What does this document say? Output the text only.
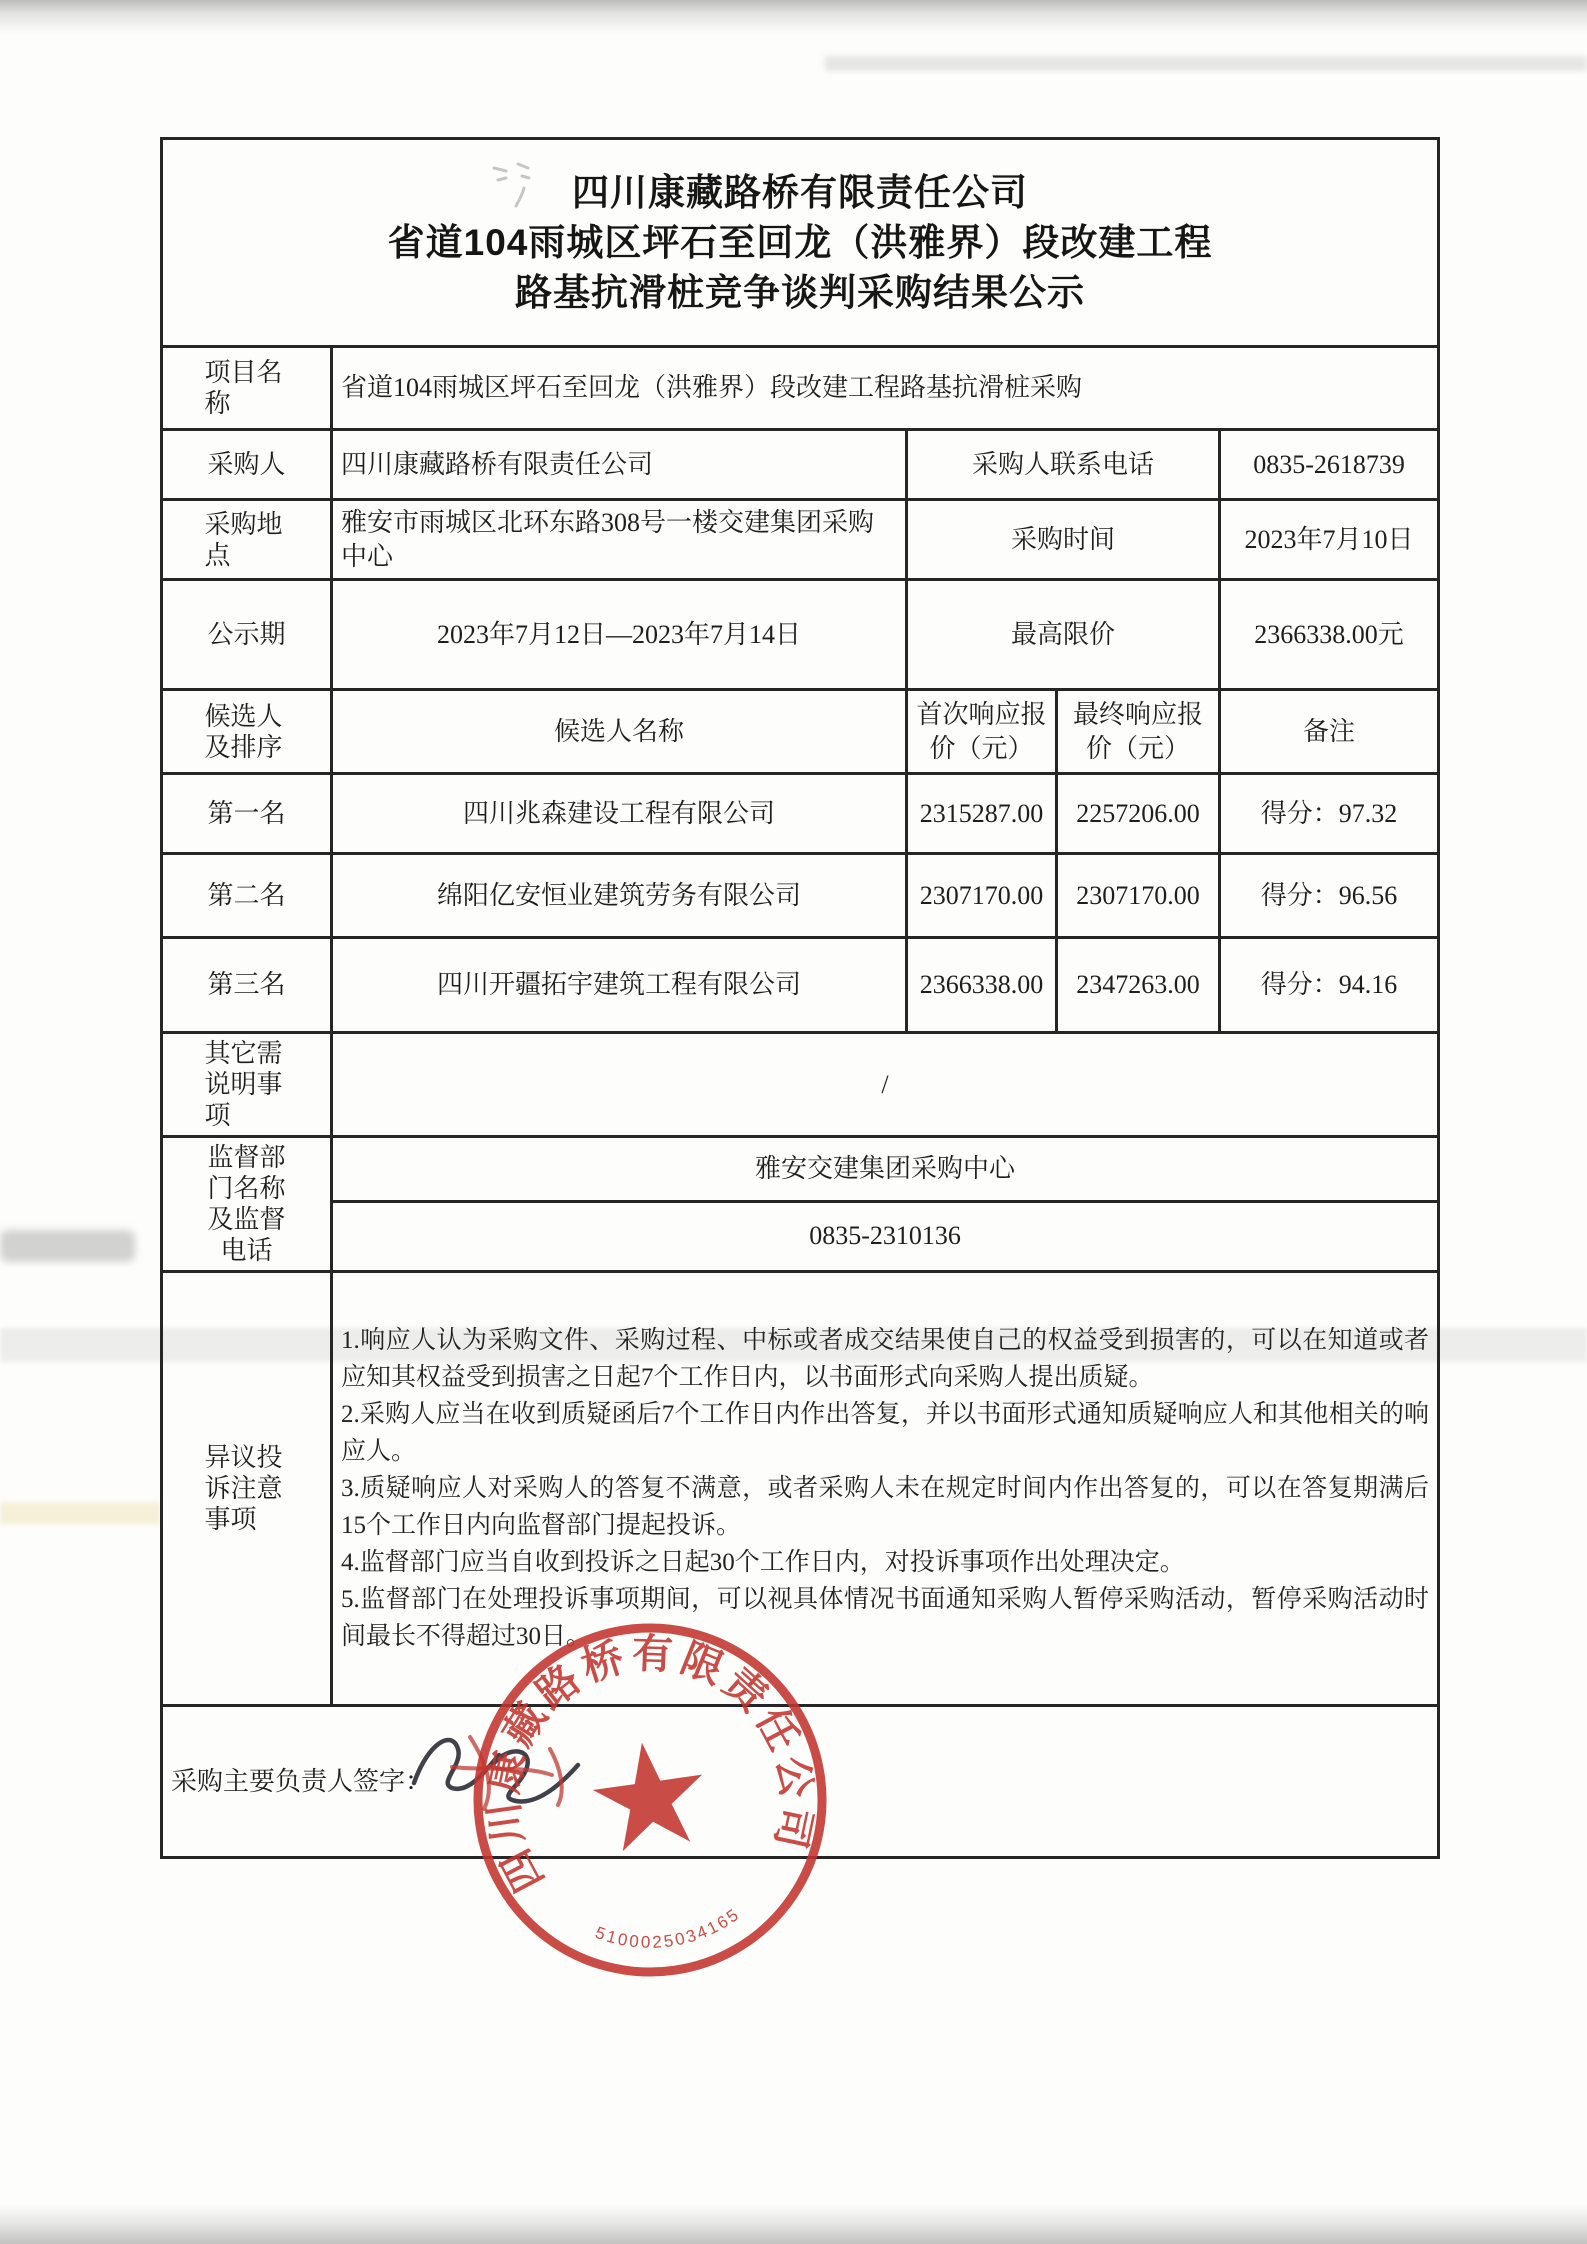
四川康藏路桥有限责任公司
省道104雨城区坪石至回龙（洪雅界）段改建工程
路基抗滑桩竞争谈判采购结果公示				

项目名称	省道104雨城区坪石至回龙（洪雅界）段改建工程路基抗滑桩采购			
采购人	四川康藏路桥有限责任公司	采购人联系电话		0835-2618739
采购地点	雅安市雨城区北环东路308号一楼交建集团采购中心	采购时间		2023年7月10日
公示期	2023年7月12日—2023年7月14日	最高限价		2366338.00元
候选人及排序	候选人名称	首次响应报价（元）	最终响应报价（元）	备注
第一名	四川兆森建设工程有限公司	2315287.00	2257206.00	得分：97.32
第二名	绵阳亿安恒业建筑劳务有限公司	2307170.00	2307170.00	得分：96.56
第三名	四川开疆拓宇建筑工程有限公司	2366338.00	2347263.00	得分：94.16
其它需说明事项	/			
监督部门名称及监督电话	雅安交建集团采购中心			
	0835-2310136			
异议投诉注意事项	1.响应人认为采购文件、采购过程、中标或者成交结果使自己的权益受到损害的，可以在知道或者应知其权益受到损害之日起7个工作日内，以书面形式向采购人提出质疑。

2.采购人应当在收到质疑函后7个工作日内作出答复，并以书面形式通知质疑响应人和其他相关的响应人。

3.质疑响应人对采购人的答复不满意，或者采购人未在规定时间内作出答复的，可以在答复期满后15个工作日内向监督部门提起投诉。

4.监督部门应当自收到投诉之日起30个工作日内，对投诉事项作出处理决定。

5.监督部门在处理投诉事项期间，可以视具体情况书面通知采购人暂停采购活动，暂停采购活动时间最长不得超过30日。			

采购主要负责人签字：				
四川康藏路桥有限责任公司
5100025034165
